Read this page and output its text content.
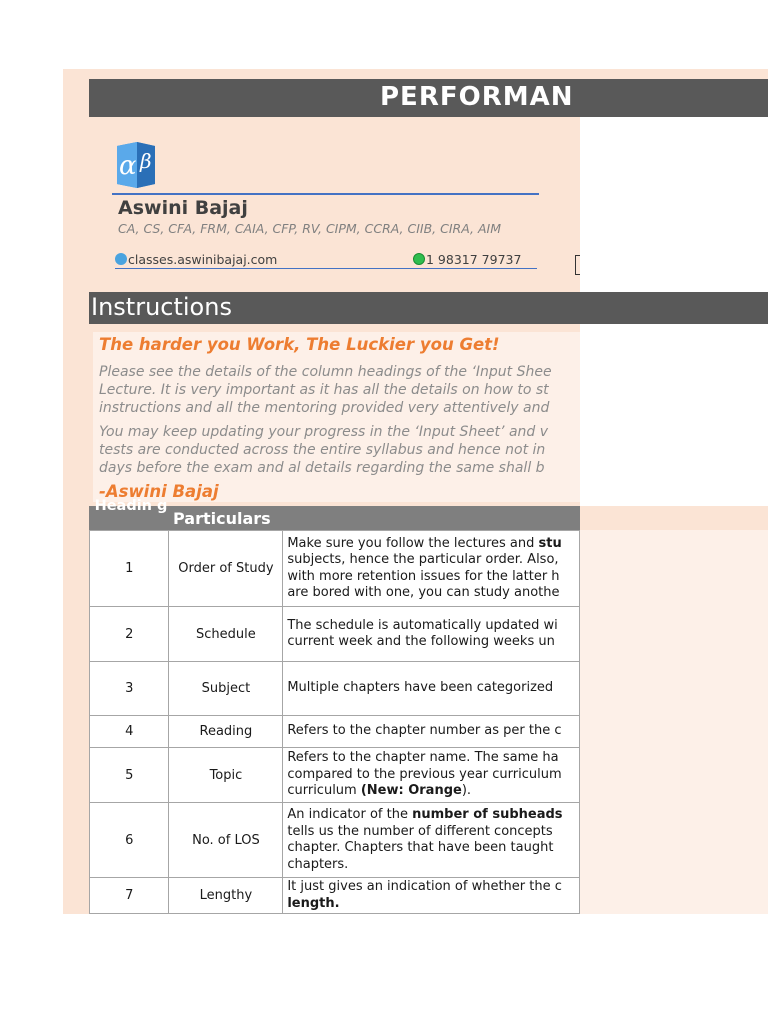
PERFORMAN
α β
Aswini Bajaj
CA, CS, CFA, FRM, CAIA, CFP, RV, CIPM, CCRA, CIIB, CIRA, AIM
classes.aswinibajaj.com	1 98317 79737
Instructions
The harder you Work, The Luckier you Get!
Please see the details of the column headings of the ‘Input Shee
Lecture. It is very important as it has all the details on how to st
instructions and all the mentoring provided very attentively and
You may keep updating your progress in the ‘Input Sheet’ and v
tests are conducted across the entire syllabus and hence not in
days before the exam and al details regarding the same shall b
-Aswini Bajaj
Headin g
Particulars
1	Order of Study	Make sure you follow the lectures and stu
subjects, hence the particular order. Also,
with more retention issues for the latter h
are bored with one, you can study anothe

2	Schedule	The schedule is automatically updated wi
current week and the following weeks un

3	Subject	Multiple chapters have been categorized

4	Reading	Refers to the chapter number as per the c

5	Topic	Refers to the chapter name. The same ha
compared to the previous year curriculum
curriculum (New: Orange).

6	No. of LOS	An indicator of the number of subheads
tells us the number of different concepts
chapter. Chapters that have been taught
chapters.

7	Lengthy	It just gives an indication of whether the c
length.
